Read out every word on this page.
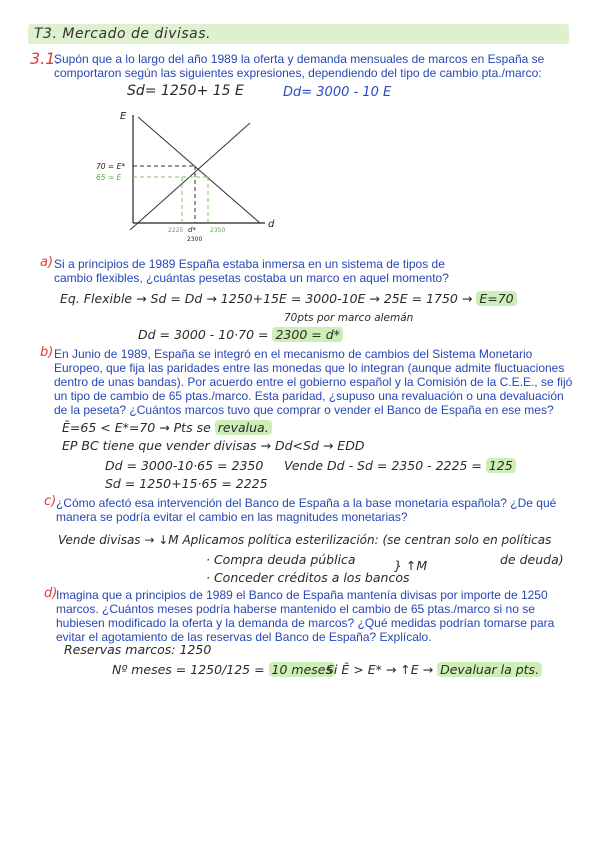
T3. Mercado de divisas.
3.1.
Supón que a lo largo del año 1989 la oferta y demanda mensuales de marcos en España se comportaron según las siguientes expresiones, dependiendo del tipo de cambio pta./marco:
Sd= 1250+ 15 E	Dd= 3000 - 10 E
E
d
70 = E*
65 = E
2225 d*
2300
2350
a) Si a principios de 1989 España estaba inmersa en un sistema de tipos de cambio flexibles, ¿cuántas pesetas costaba un marco en aquel momento?
Eq. Flexible → Sd = Dd → 1250+15E = 3000-10E → 25E = 1750 → E=70
70pts por marco alemán
Dd = 3000 - 10·70 = 2300 = d*
b) En Junio de 1989, España se integró en el mecanismo de cambios del Sistema Monetario Europeo, que fija las paridades entre las monedas que lo integran (aunque admite fluctuaciones dentro de unas bandas). Por acuerdo entre el gobierno español y la Comisión de la C.E.E., se fijó un tipo de cambio de 65 ptas./marco. Esta paridad, ¿supuso una revaluación o una devaluación de la peseta? ¿Cuántos marcos tuvo que comprar o vender el Banco de España en ese mes?
Ē=65 < E*=70 → Pts se revalua.
EP BC tiene que vender divisas → Dd<Sd → EDD
Dd = 3000-10·65 = 2350 Vende Dd - Sd = 2350 - 2225 = 125
Sd = 1250+15·65 = 2225
c) ¿Cómo afectó esa intervención del Banco de España a la base monetaria española? ¿De qué manera se podría evitar el cambio en las magnitudes monetarias?
Vende divisas → ↓M Aplicamos política esterilización: (se centran solo en políticas
· Compra deuda pública	de deuda)
· Conceder créditos a los bancos
} ↑M
d)
Imagina que a principios de 1989 el Banco de España mantenía divisas por importe de 1250 marcos. ¿Cuántos meses podría haberse mantenido el cambio de 65 ptas./marco si no se hubiesen modificado la oferta y la demanda de marcos? ¿Qué medidas podrían tomarse para evitar el agotamiento de las reservas del Banco de España? Explícalo.
Reservas marcos: 1250
Nº meses = 1250/125 = 10 meses
Si Ē > E* → ↑E → Devaluar la pts.
